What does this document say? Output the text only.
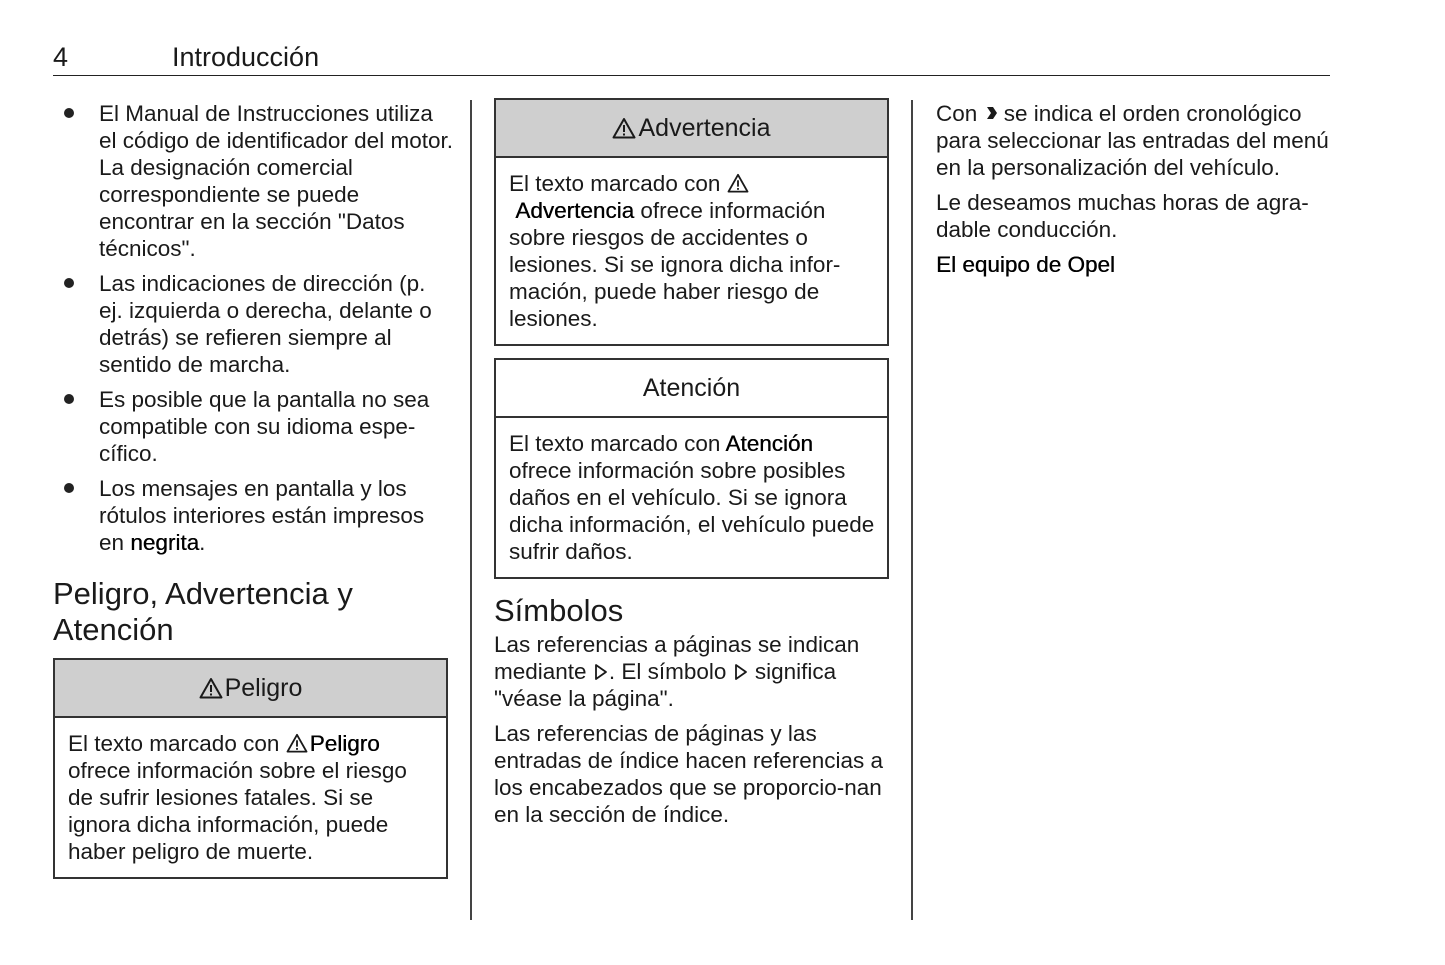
4	Introducción
El Manual de Instrucciones utiliza el código de identificador del motor. La designación comercial correspondiente se puede encontrar en la sección "Datos técnicos".
Las indicaciones de dirección (p. ej. izquierda o derecha, delante o detrás) se refieren siempre al sentido de marcha.
Es posible que la pantalla no sea compatible con su idioma espe-cífico.
Los mensajes en pantalla y los rótulos interiores están impresos en negrita.
Peligro, Advertencia y
Atención
Peligro
El texto marcado con Peligro ofrece información sobre el riesgo de sufrir lesiones fatales. Si se ignora dicha información, puede haber peligro de muerte.
Advertencia
El texto marcado con  Advertencia ofrece información sobre riesgos de accidentes o lesiones. Si se ignora dicha infor-mación, puede haber riesgo de lesiones.
Atención
El texto marcado con Atención ofrece información sobre posibles daños en el vehículo. Si se ignora dicha información, el vehículo puede sufrir daños.
Símbolos

Las referencias a páginas se indican mediante . El símbolo  significa "véase la página".

Las referencias de páginas y las entradas de índice hacen referencias a los encabezados que se proporcio-nan en la sección de índice.

Con  se indica el orden cronológico para seleccionar las entradas del menú en la personalización del vehículo.

Le deseamos muchas horas de agra-dable conducción.

El equipo de Opel
